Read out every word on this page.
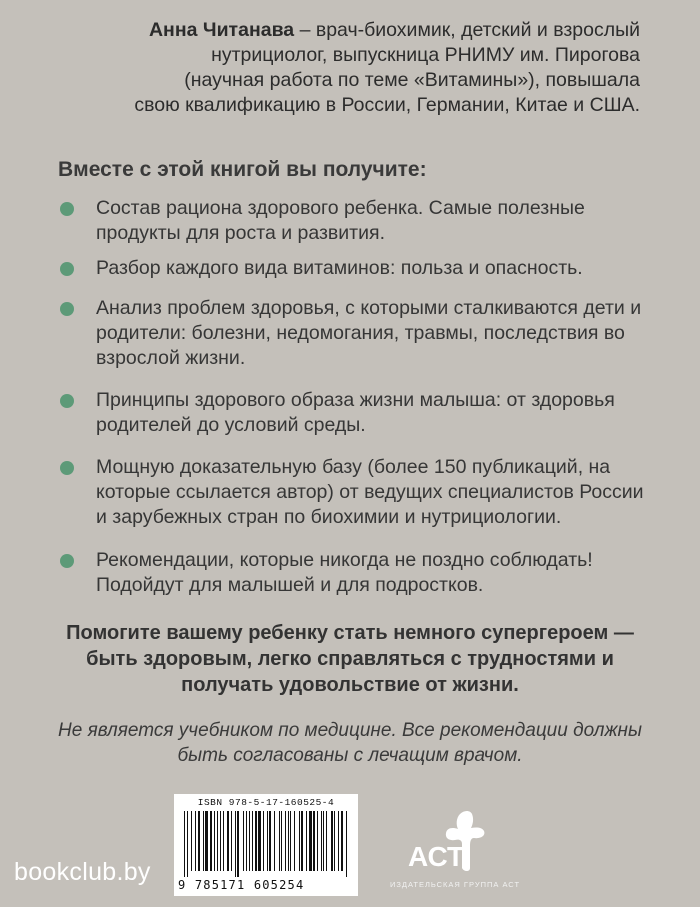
Анна Читанава – врач-биохимик, детский и взрослый
нутрициолог, выпускница РНИМУ им. Пирогова
(научная работа по теме «Витамины»), повышала
свою квалификацию в России, Германии, Китае и США.
Вместе с этой книгой вы получите:
Состав рациона здорового ребенка. Самые полезные продукты для роста и развития.
Разбор каждого вида витаминов: польза и опасность.
Анализ проблем здоровья, с которыми сталкиваются дети и родители: болезни, недомогания, травмы, последствия во взрослой жизни.
Принципы здорового образа жизни малыша: от здоровья родителей до условий среды.
Мощную доказательную базу (более 150 публикаций, на которые ссылается автор) от ведущих специалистов России и зарубежных стран по биохимии и нутрициологии.
Рекомендации, которые никогда не поздно соблюдать! Подойдут для малышей и для подростков.
Помогите вашему ребенку стать немного супергероем — быть здоровым, легко справляться с трудностями и получать удовольствие от жизни.
Не является учебником по медицине. Все рекомендации должны быть согласованы с лечащим врачом.
ISBN 978-5-17-160525-4
9 785171 605254
bookclub.by	АСТ
ИЗДАТЕЛЬСКАЯ ГРУППА АСТ
